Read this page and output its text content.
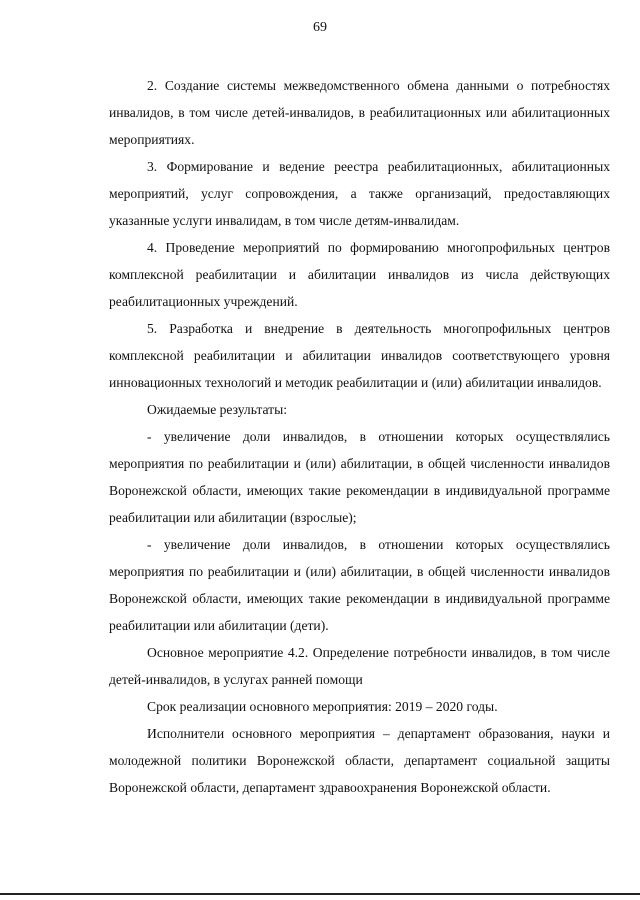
69

2. Создание системы межведомственного обмена данными о потребностях инвалидов, в том числе детей-инвалидов, в реабилитационных или абилитационных мероприятиях.

3. Формирование и ведение реестра реабилитационных, абилитационных мероприятий, услуг сопровождения, а также организаций, предоставляющих указанные услуги инвалидам, в том числе детям-инвалидам.

4. Проведение мероприятий по формированию многопрофильных центров комплексной реабилитации и абилитации инвалидов из числа действующих реабилитационных учреждений.

5. Разработка и внедрение в деятельность многопрофильных центров комплексной реабилитации и абилитации инвалидов соответствующего уровня инновационных технологий и методик реабилитации и (или) абилитации инвалидов.

Ожидаемые результаты:

- увеличение доли инвалидов, в отношении которых осуществлялись мероприятия по реабилитации и (или) абилитации, в общей численности инвалидов Воронежской области, имеющих такие рекомендации в индивидуальной программе реабилитации или абилитации (взрослые);

- увеличение доли инвалидов, в отношении которых осуществлялись мероприятия по реабилитации и (или) абилитации, в общей численности инвалидов Воронежской области, имеющих такие рекомендации в индивидуальной программе реабилитации или абилитации (дети).

Основное мероприятие 4.2. Определение потребности инвалидов, в том числе детей-инвалидов, в услугах ранней помощи

Срок реализации основного мероприятия: 2019 – 2020 годы.

Исполнители основного мероприятия – департамент образования, науки и молодежной политики Воронежской области, департамент социальной защиты Воронежской области, департамент здравоохранения Воронежской области.
